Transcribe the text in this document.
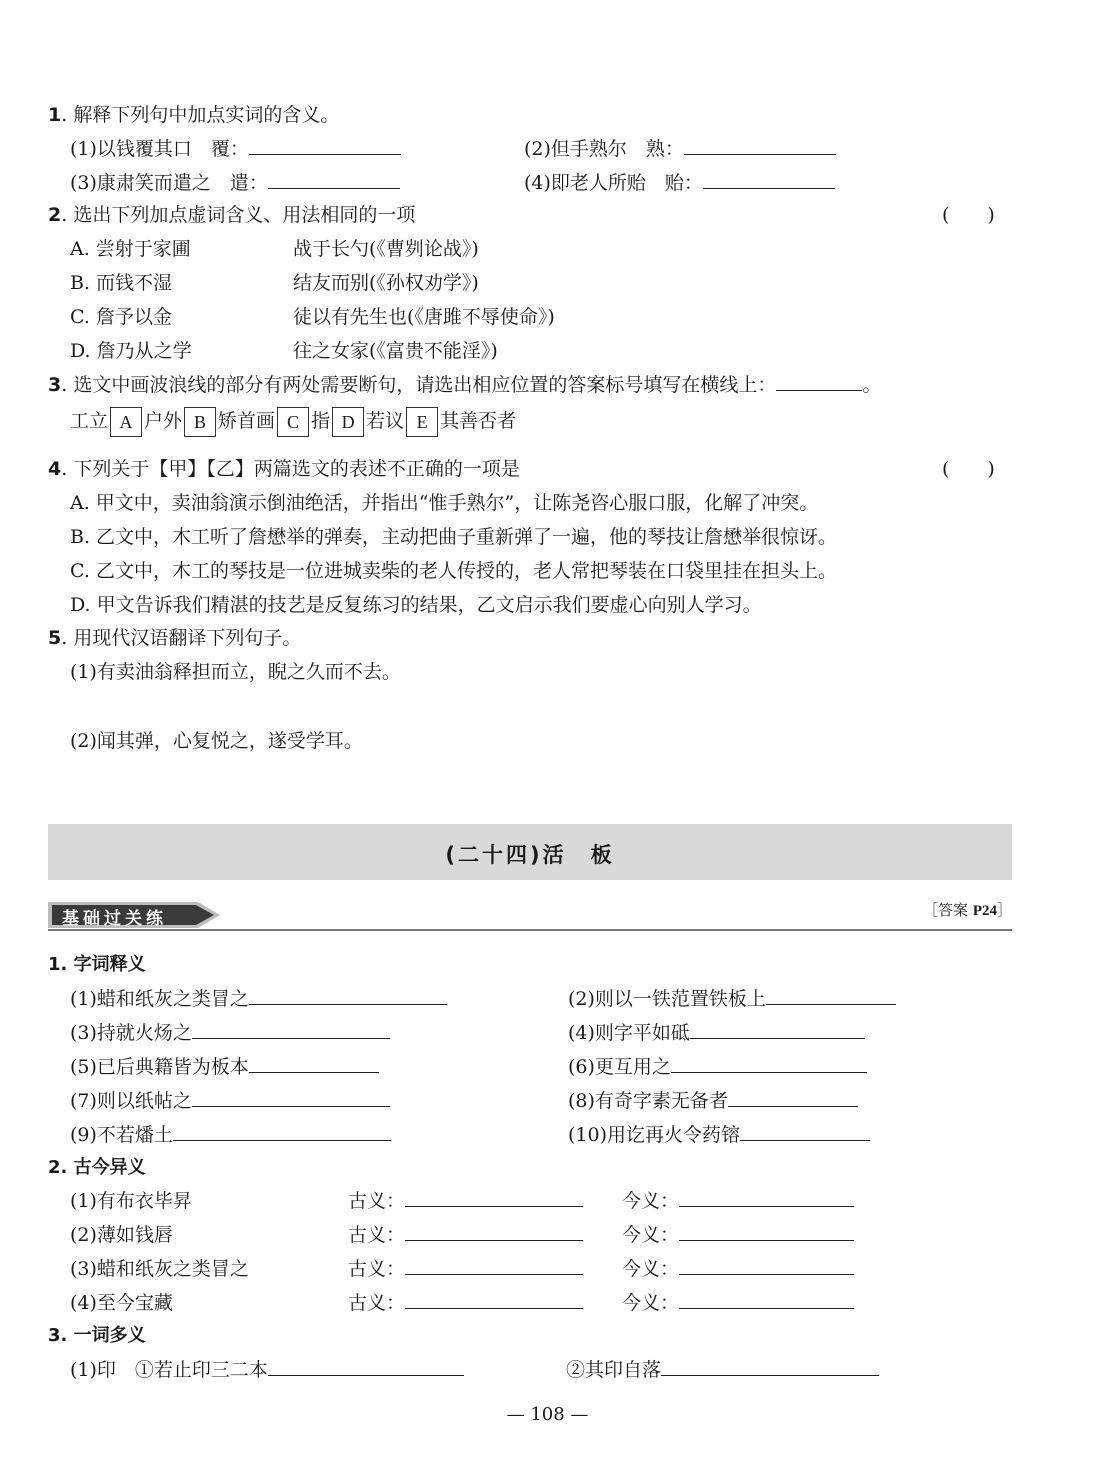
1. 解释下列句中加点实词的含义。
(1)以钱覆其口　覆：	(2)但手熟尔　熟：
(3)康肃笑而遣之　遣：	(4)即老人所贻　贻：
2. 选出下列加点虚词含义、用法相同的一项	(　　)
A. 尝射于家圃	战于长勺(《曹刿论战》)
B. 而钱不湿	结友而别(《孙权劝学》)
C. 詹予以金	徒以有先生也(《唐雎不辱使命》)
D. 詹乃从之学	往之女家(《富贵不能淫》)
3. 选文中画波浪线的部分有两处需要断句，请选出相应位置的答案标号填写在横线上：	。
工立 A 户外 B 矫首画 C 指 D 若议 E 其善否者
4. 下列关于【甲】【乙】两篇选文的表述不正确的一项是	(　　)
A. 甲文中，卖油翁演示倒油绝活，并指出“惟手熟尔”，让陈尧咨心服口服，化解了冲突。
B. 乙文中，木工听了詹懋举的弹奏，主动把曲子重新弹了一遍，他的琴技让詹懋举很惊讶。
C. 乙文中，木工的琴技是一位进城卖柴的老人传授的，老人常把琴装在口袋里挂在担头上。
D. 甲文告诉我们精湛的技艺是反复练习的结果，乙文启示我们要虚心向别人学习。
5. 用现代汉语翻译下列句子。
(1)有卖油翁释担而立，睨之久而不去。
(2)闻其弹，心复悦之，遂受学耳。
(二十四)活　板
基础过关练	［答案 P24］
1. 字词释义
(1)蜡和纸灰之类冒之	(2)则以一铁范置铁板上
(3)持就火炀之	(4)则字平如砥
(5)已后典籍皆为板本	(6)更互用之
(7)则以纸帖之	(8)有奇字素无备者
(9)不若燔土	(10)用讫再火令药镕
2. 古今异义
(1)有布衣毕昇	古义：	今义：
(2)薄如钱唇	古义：	今义：
(3)蜡和纸灰之类冒之	古义：	今义：
(4)至今宝藏	古义：	今义：
3. 一词多义
(1)印　①若止印三二本	②其印自落
— 108 —
